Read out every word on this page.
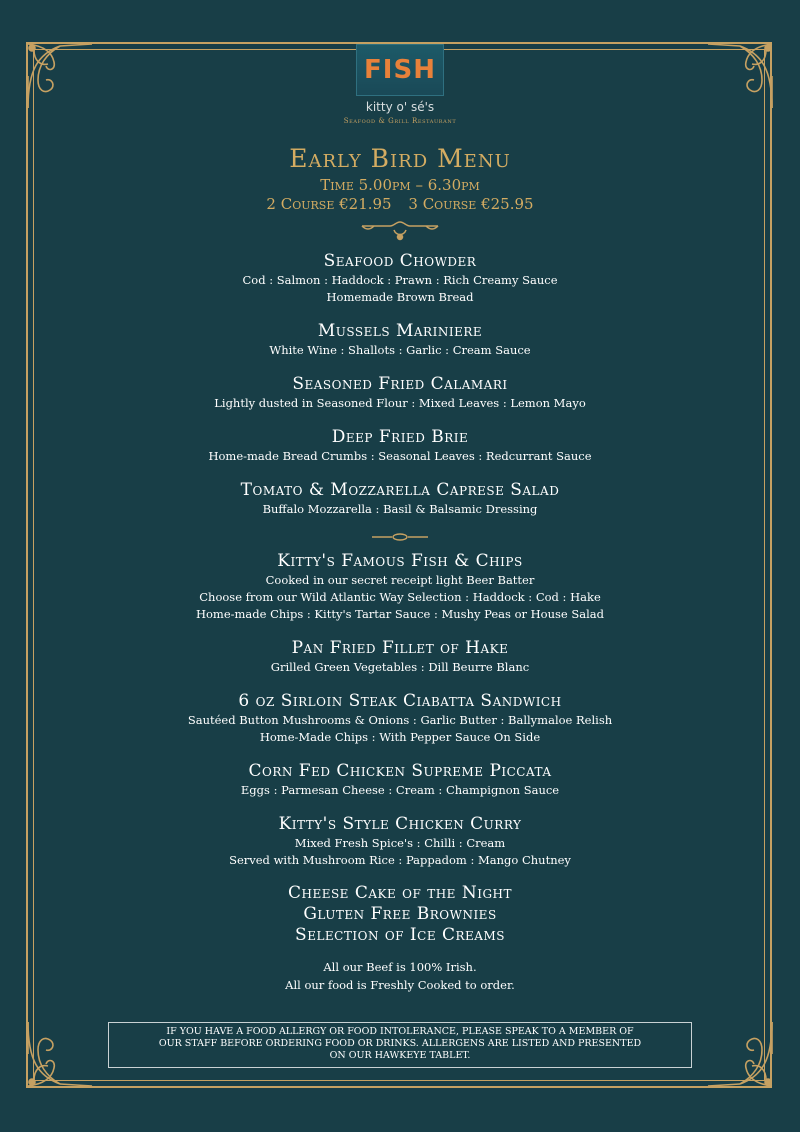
FISH
kitty o' sé's
Seafood & Grill Restaurant
Early Bird Menu
Time 5.00pm – 6.30pm
2 Course €21.95 3 Course €25.95
Seafood Chowder
Cod : Salmon : Haddock : Prawn : Rich Creamy Sauce
Homemade Brown Bread
Mussels Mariniere
White Wine : Shallots : Garlic : Cream Sauce
Seasoned Fried Calamari
Lightly dusted in Seasoned Flour : Mixed Leaves : Lemon Mayo
Deep Fried Brie
Home-made Bread Crumbs : Seasonal Leaves : Redcurrant Sauce
Tomato & Mozzarella Caprese Salad
Buffalo Mozzarella : Basil & Balsamic Dressing
Kitty's Famous Fish & Chips
Cooked in our secret receipt light Beer Batter
Choose from our Wild Atlantic Way Selection : Haddock : Cod : Hake
Home-made Chips : Kitty's Tartar Sauce : Mushy Peas or House Salad
Pan Fried Fillet of Hake
Grilled Green Vegetables : Dill Beurre Blanc
6 oz Sirloin Steak Ciabatta Sandwich
Sautéed Button Mushrooms & Onions : Garlic Butter : Ballymaloe Relish
Home-Made Chips : With Pepper Sauce On Side
Corn Fed Chicken Supreme Piccata
Eggs : Parmesan Cheese : Cream : Champignon Sauce
Kitty's Style Chicken Curry
Mixed Fresh Spice's : Chilli : Cream
Served with Mushroom Rice : Pappadom : Mango Chutney
Cheese Cake of the Night
Gluten Free Brownies
Selection of Ice Creams
All our Beef is 100% Irish.
All our food is Freshly Cooked to order.
IF YOU HAVE A FOOD ALLERGY OR FOOD INTOLERANCE, PLEASE SPEAK TO A MEMBER OF
OUR STAFF BEFORE ORDERING FOOD OR DRINKS. ALLERGENS ARE LISTED AND PRESENTED
ON OUR HAWKEYE TABLET.
